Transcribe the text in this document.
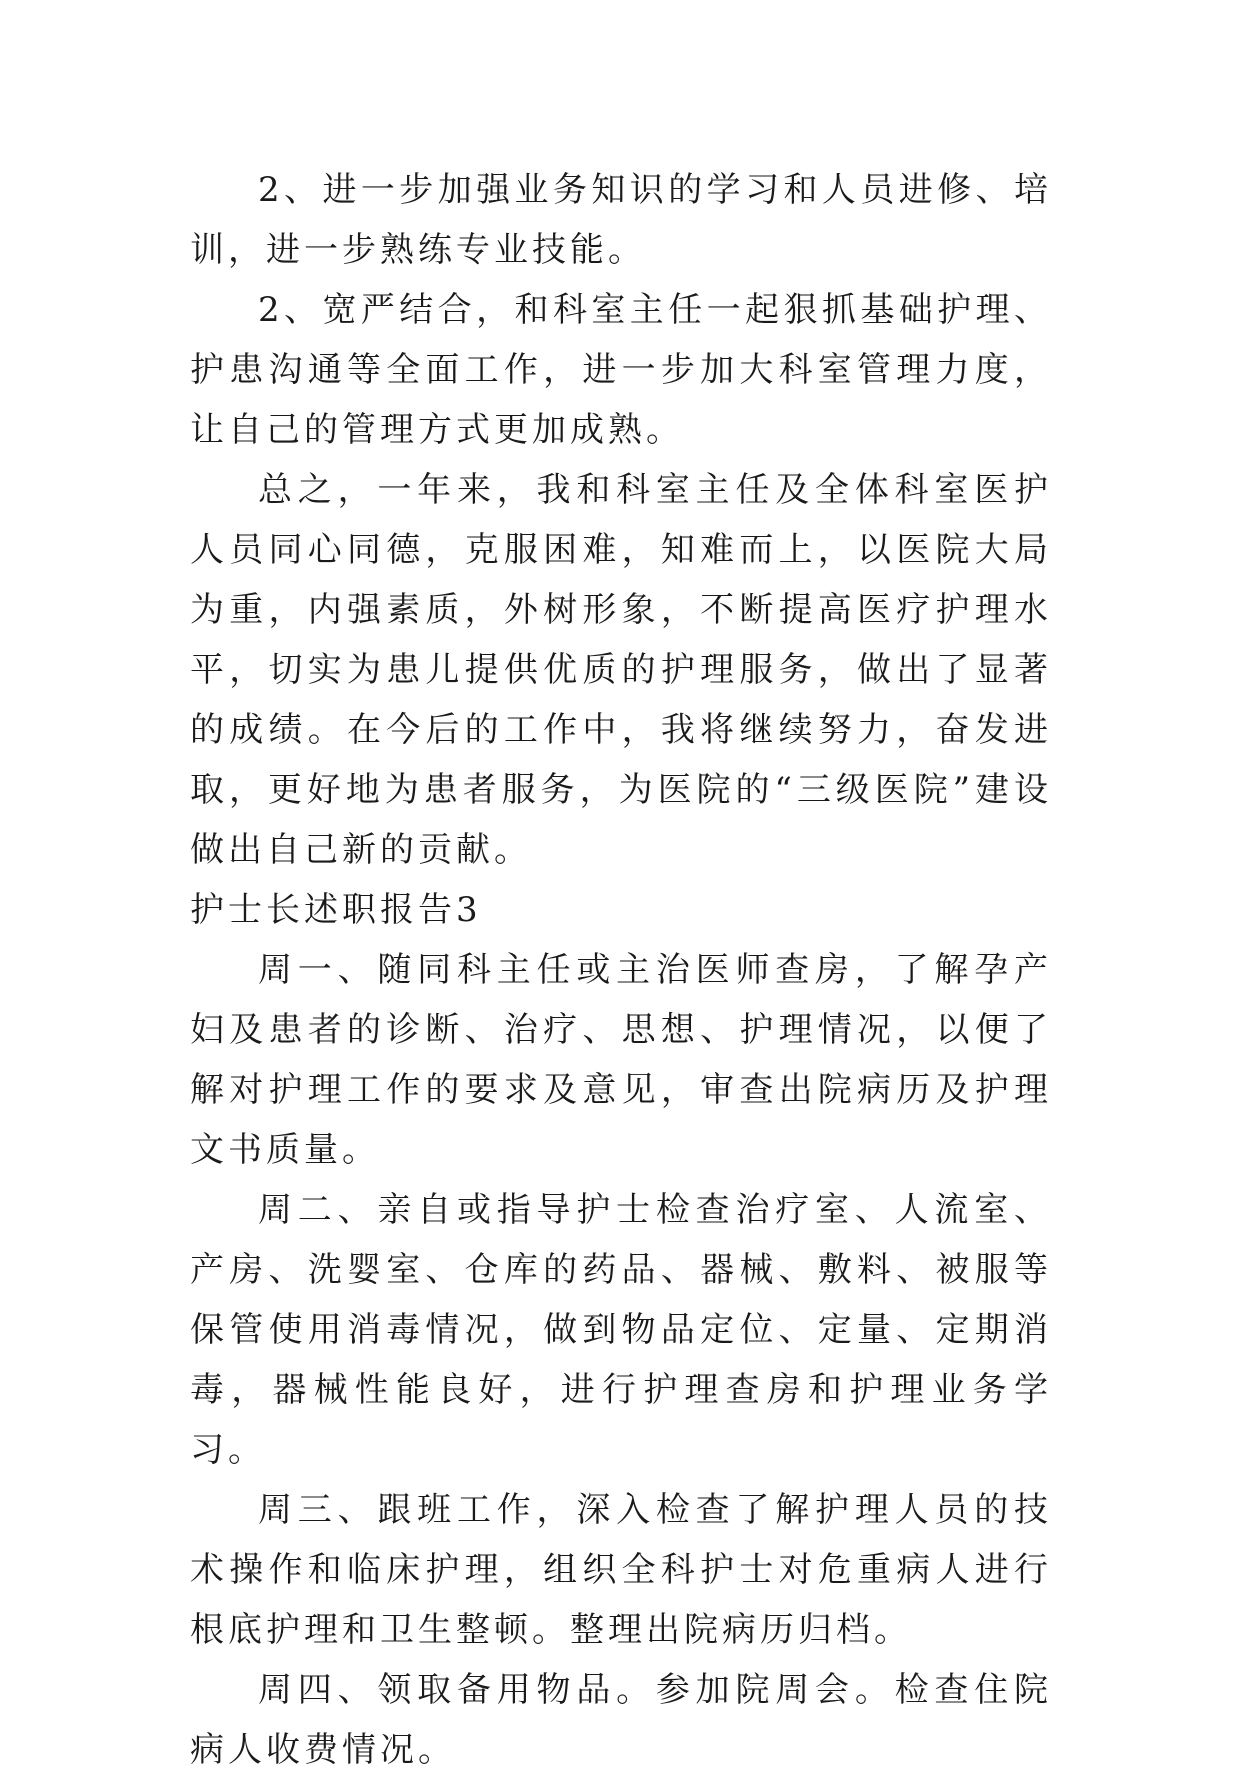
2、进一步加强业务知识的学习和人员进修、培训，进一步熟练专业技能。

2、宽严结合，和科室主任一起狠抓基础护理、护患沟通等全面工作，进一步加大科室管理力度，让自己的管理方式更加成熟。

总之，一年来，我和科室主任及全体科室医护人员同心同德，克服困难，知难而上，以医院大局为重，内强素质，外树形象，不断提高医疗护理水平，切实为患儿提供优质的护理服务，做出了显著的成绩。在今后的工作中，我将继续努力，奋发进取，更好地为患者服务，为医院的“三级医院”建设做出自己新的贡献。

护士长述职报告3

周一、随同科主任或主治医师查房，了解孕产妇及患者的诊断、治疗、思想、护理情况，以便了解对护理工作的要求及意见，审查出院病历及护理文书质量。

周二、亲自或指导护士检查治疗室、人流室、产房、洗婴室、仓库的药品、器械、敷料、被服等保管使用消毒情况，做到物品定位、定量、定期消毒，器械性能良好，进行护理查房和护理业务学习。

周三、跟班工作，深入检查了解护理人员的技术操作和临床护理，组织全科护士对危重病人进行根底护理和卫生整顿。整理出院病历归档。

周四、领取备用物品。参加院周会。检查住院病人收费情况。
